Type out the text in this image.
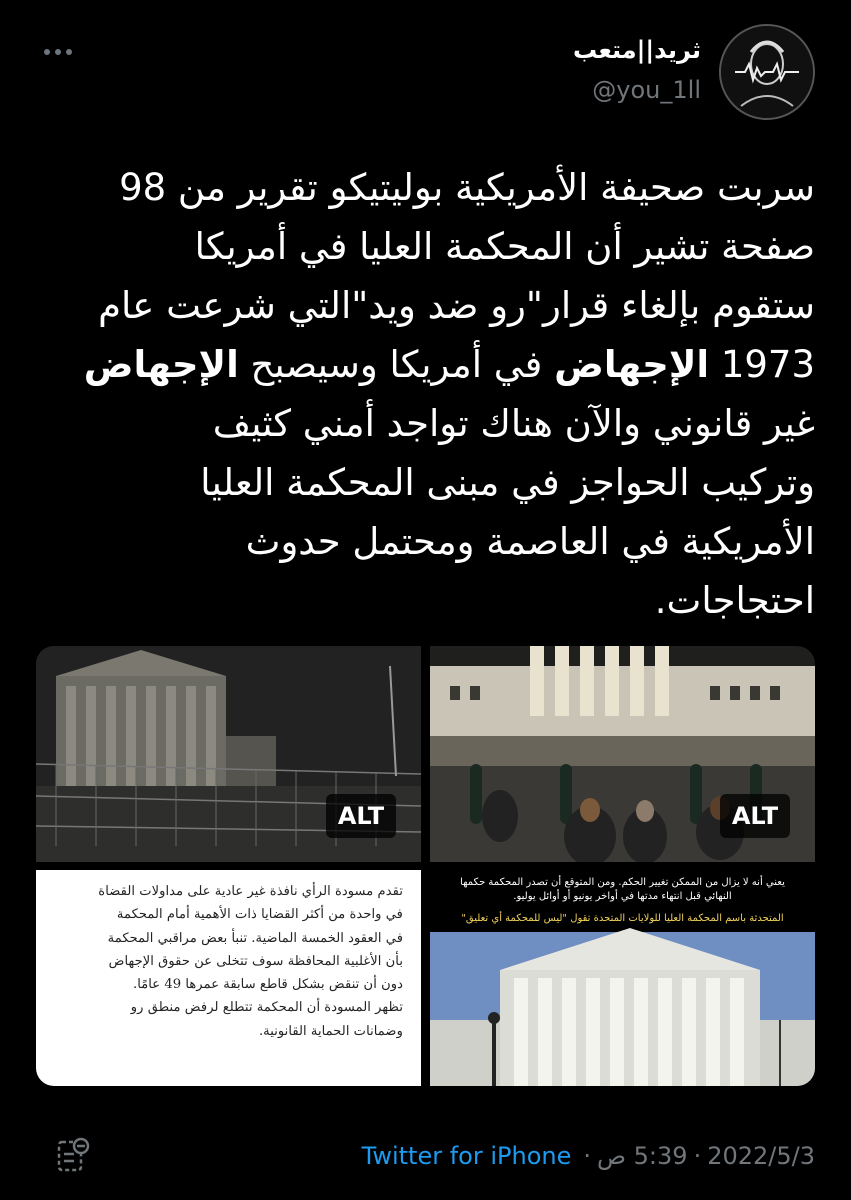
ثريد||متعب
@you_1ll
سربت صحيفة الأمريكية بوليتيكو تقرير من 98
صفحة تشير أن المحكمة العليا في أمريكا
ستقوم بإلغاء قرار"رو ضد ويد"التي شرعت عام
1973 الإجهاض في أمريكا وسيصبح الإجهاض
غير قانوني والآن هناك تواجد أمني كثيف
وتركيب الحواجز في مبنى المحكمة العليا
الأمريكية في العاصمة ومحتمل حدوث
احتجاجات.
ALT	ALT
تقدم مسودة الرأي نافذة غير عادية على مداولات القضاة
في واحدة من أكثر القضايا ذات الأهمية أمام المحكمة
في العقود الخمسة الماضية. تنبأ بعض مراقبي المحكمة
بأن الأغلبية المحافظة سوف تتخلى عن حقوق الإجهاض
دون أن تنقض بشكل قاطع سابقة عمرها 49 عامًا.
تظهر المسودة أن المحكمة تتطلع لرفض منطق رو
وضمانات الحماية القانونية.
يعني أنه لا يزال من الممكن تغيير الحكم. ومن المتوقع أن تصدر المحكمة حكمها
النهائي قبل انتهاء مدتها في أواخر يونيو أو أوائل يوليو.
المتحدثة باسم المحكمة العليا للولايات المتحدة تقول "ليس للمحكمة أي تعليق"
Twitter for iPhone · 5:39 ص · 2022/5/3
